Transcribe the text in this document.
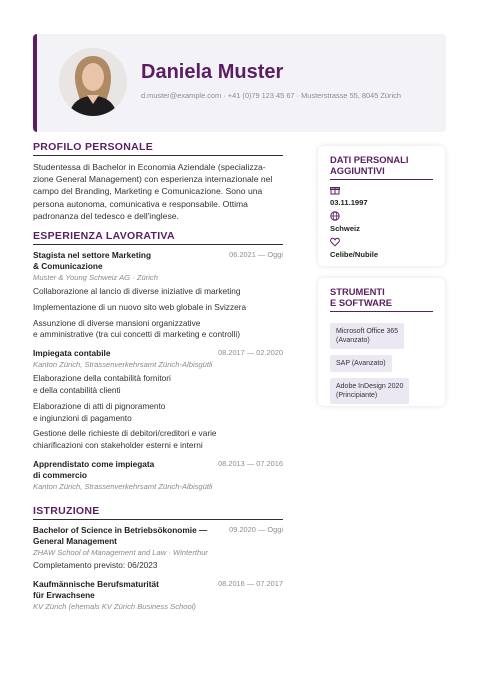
Daniela Muster
d.muster@example.com · +41 (0)79 123 45 67 · Musterstrasse 55, 8045 Zürich
PROFILO PERSONALE
Studentessa di Bachelor in Economia Aziendale (specializza-
zione General Management) con esperienza internazionale nel
campo del Branding, Marketing e Comunicazione. Sono una
persona autonoma, comunicativa e responsabile. Ottima
padronanza del tedesco e dell'inglese.
ESPERIENZA LAVORATIVA
Stagista nel settore Marketing
& Comunicazione
06.2021 — Oggi
Muster & Young Schweiz AG · Zürich
Collaborazione al lancio di diverse iniziative di marketing
Implementazione di un nuovo sito web globale in Svizzera
Assunzione di diverse mansioni organizzative
e amministrative (tra cui concetti di marketing e controlli)
Impiegata contabile	08.2017 — 02.2020
Kanton Zürich, Strassenverkehrsamt Zürich-Albisgütli
Elaborazione della contabilità fornitori
e della contabilità clienti
Elaborazione di atti di pignoramento
e ingiunzioni di pagamento
Gestione delle richieste di debitori/creditori e varie
chiarificazioni con stakeholder esterni e interni
Apprendistato come impiegata
di commercio
08.2013 — 07.2016
Kanton Zürich, Strassenverkehrsamt Zürich-Albisgütli
ISTRUZIONE
Bachelor of Science in Betriebsökonomie —
General Management
09.2020 — Oggi
ZHAW School of Management and Law · Winterthur
Completamento previsto: 06/2023
Kaufmännische Berufsmaturität
für Erwachsene
08.2016 — 07.2017
KV Zürich (ehemals KV Zürich Business School)
DATI PERSONALI
AGGIUNTIVI
03.11.1997
Schweiz
Celibe/Nubile
STRUMENTI
E SOFTWARE
Microsoft Office 365
(Avanzato)

SAP (Avanzato)

Adobe InDesign 2020
(Principiante)
